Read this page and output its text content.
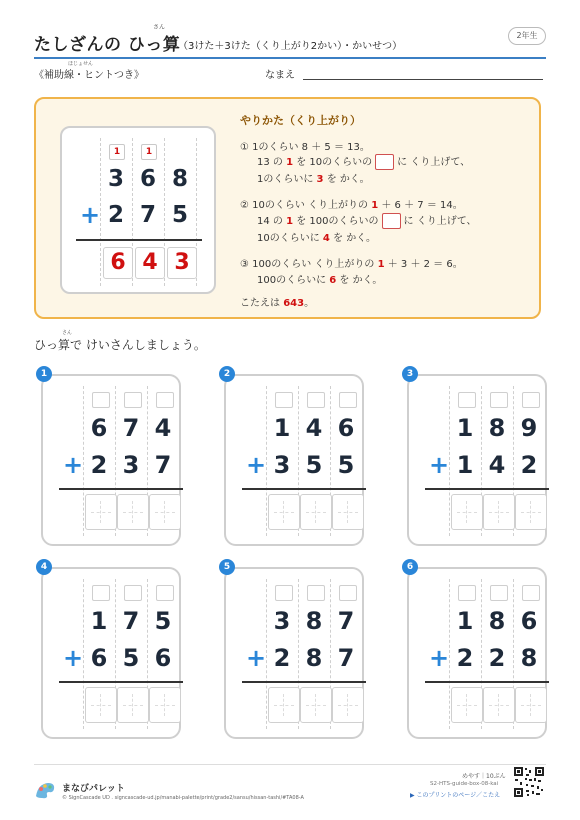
さん
たしざんの ひっ算
（3けた＋3けた（くり上がり2かい）・かいせつ）
2年生
ほじょせん
《補助線・ヒントつき》	なまえ
1	1
3 6 8
+ 2 7 5
6 4 3
やりかた（くり上がり）
① 1のくらい 8 ＋ 5 ＝ 13。
13 の 1 を 10のくらいの	に くり上げて、
1のくらいに 3 を かく。
② 10のくらい くり上がりの 1 ＋ 6 ＋ 7 ＝ 14。
14 の 1 を 100のくらいの	に くり上げて、
10のくらいに 4 を かく。
③ 100のくらい くり上がりの 1 ＋ 3 ＋ 2 ＝ 6。
100のくらいに 6 を かく。
こたえは 643。
さん
ひっ算で けいさんしましょう。
6 7 4
+ 2 3 7
1
1 4 6
+ 3 5 5
2
1 8 9
+ 1 4 2
3
1 7 5
+ 6 5 6
4
3 8 7
+ 2 8 7
5
1 8 6
+ 2 2 8
6
まなびパレット
© SignCascade UD . signcascade-ud.jp/manabi-palette/print/grade2/sansu/hissan-tashi/#TA08-A
めやす｜10ぷん
S2-HTS-guide-box-08-kai
▶ このプリントのページ／こたえ
